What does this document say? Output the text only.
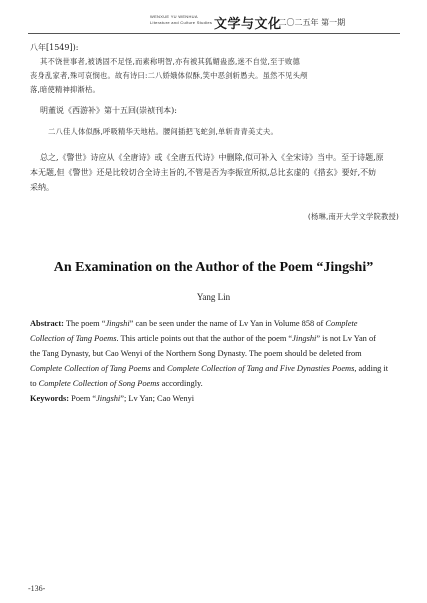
WENXUE YU WENHUA
Literature and Culture Studies 文学与文化
·二〇二五年 第一期

八年[1549]):

其不饶世事者,被诱固不足怪,而素称明智,亦有被其狐媚蛊惑,迷不自觉,至于败德

丧身乱家者,殊可哀悯也。故有诗曰:二八娇娥体似酥,笑中恶剑斩愚夫。虽然不见头颅

落,暗使精神抑渐枯。

明董说《西游补》第十五回(崇祯刊本):

二八佳人体似酥,呼吸精华天地枯。腰间插把飞蛇剑,单斩青青美丈夫。

总之,《警世》诗应从《全唐诗》或《全唐五代诗》中删除,似可补入《全宋诗》当中。至于诗题,原

本无题,但《警世》还是比较切合全诗主旨的,不管是否为李振宣所拟,总比玄虚的《措玄》要好,不妨

采纳。

(杨琳,南开大学文学院教授)

An Examination on the Author of the Poem “Jingshi”
Yang Lin

Abstract: The poem “Jingshi” can be seen under the name of Lv Yan in Volume 858 of Complete

Collection of Tang Poems. This article points out that the author of the poem “Jingshi” is not Lv Yan of

the Tang Dynasty, but Cao Wenyi of the Northern Song Dynasty. The poem should be deleted from

Complete Collection of Tang Poems and Complete Collection of Tang and Five Dynasties Poems, adding it

to Complete Collection of Song Poems accordingly.

Keywords: Poem “Jingshi”; Lv Yan; Cao Wenyi

-136-
